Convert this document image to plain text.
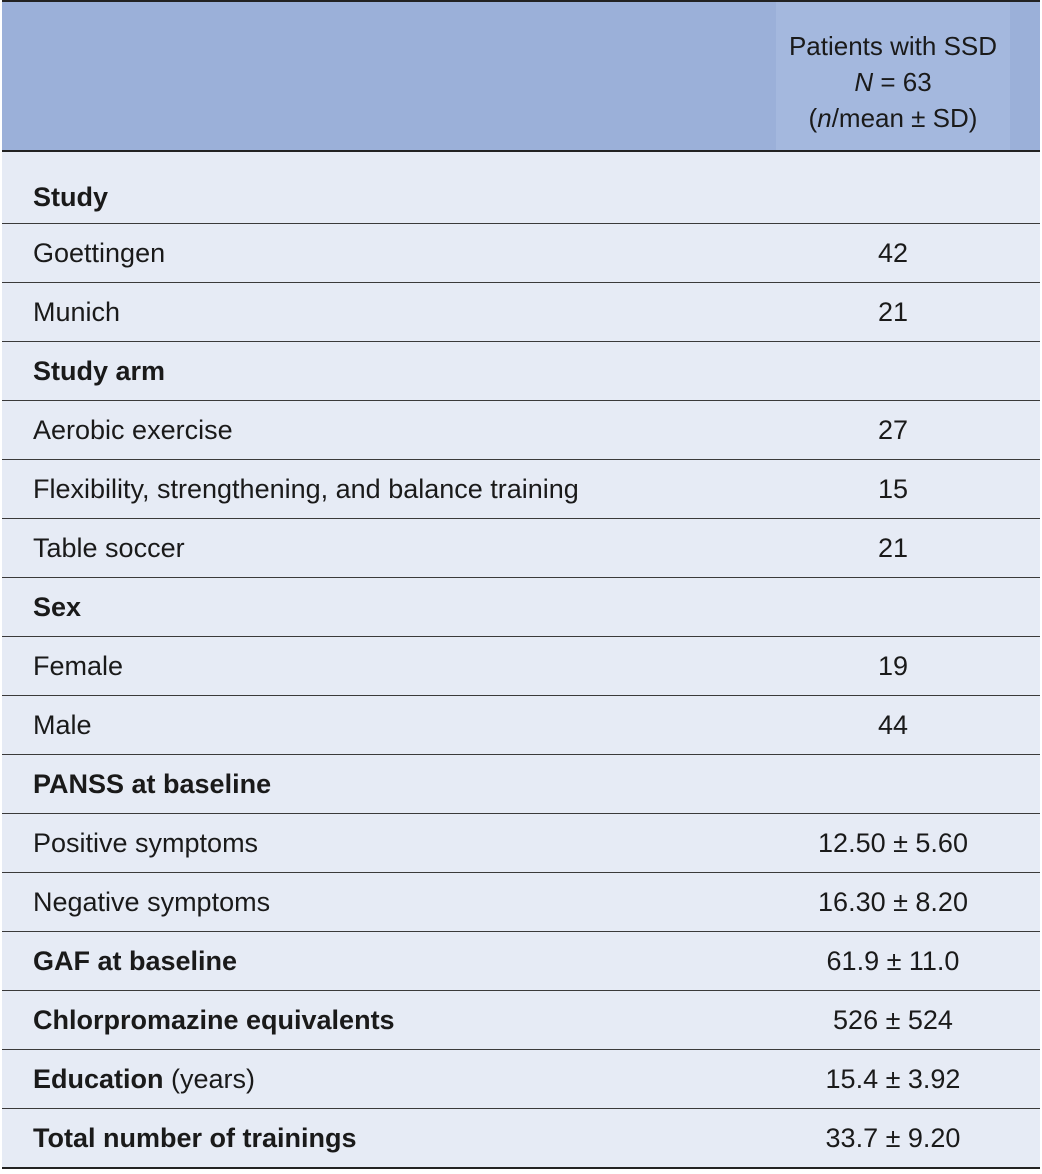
Patients with SSD
N = 63
(n/mean ± SD)
Study
Goettingen	42
Munich	21
Study arm
Aerobic exercise	27
Flexibility, strengthening, and balance training	15
Table soccer	21
Sex
Female	19
Male	44
PANSS at baseline
Positive symptoms	12.50 ± 5.60
Negative symptoms	16.30 ± 8.20
GAF at baseline	61.9 ± 11.0
Chlorpromazine equivalents	526 ± 524
Education (years)	15.4 ± 3.92
Total number of trainings	33.7 ± 9.20
